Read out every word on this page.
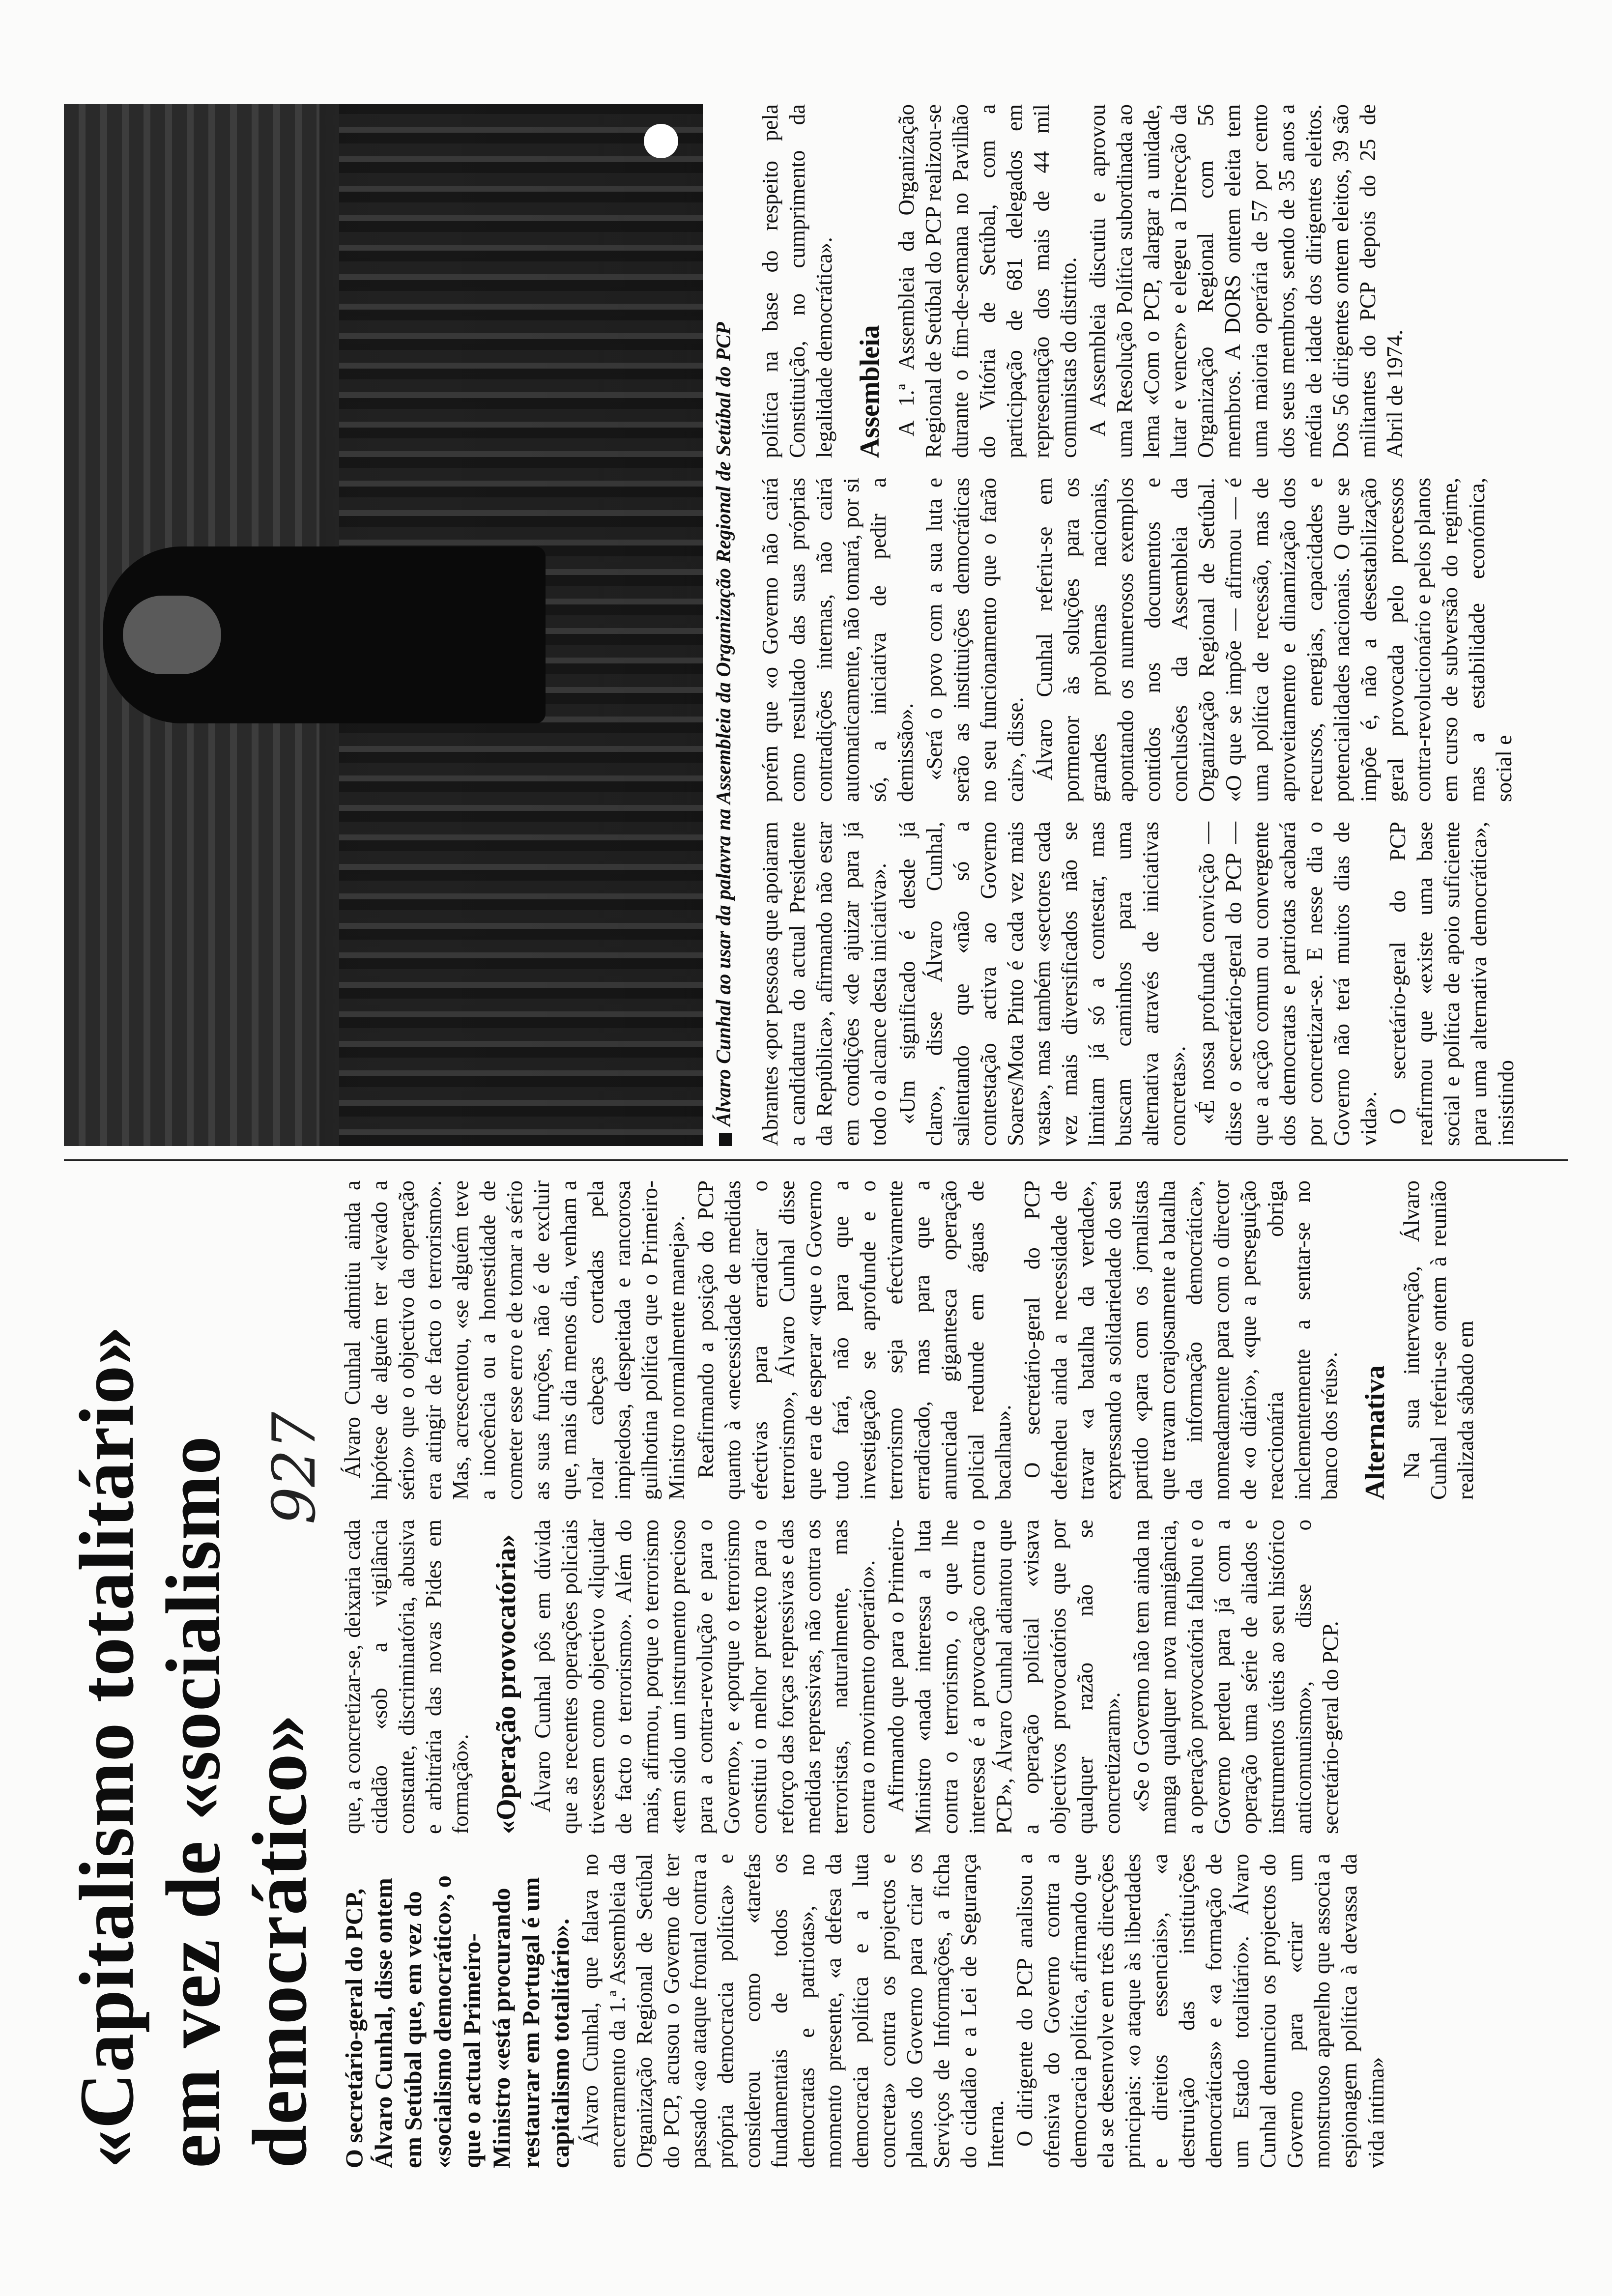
«Capitalismo totalitário» em vez de «socialismo democrático»
927

O secretário-geral do PCP, Álvaro Cunhal, disse ontem em Setúbal que, em vez do «socialismo democrático», o que o actual Primeiro-Ministro «está procurando restaurar em Portugal é um capitalismo totalitário». Álvaro Cunhal, que falava no encerramento da 1.ª Assembleia da Organização Regional de Setúbal do PCP, acusou o Governo de ter passado «ao ataque frontal contra a própria democracia política» e considerou como «tarefas fundamentais de todos os democratas e patriotas», no momento presente, «a defesa da democracia política e a luta concreta» contra os projectos e planos do Governo para criar os Serviços de Informações, a ficha do cidadão e a Lei de Segurança Interna. O dirigente do PCP analisou a ofensiva do Governo contra a democracia política, afirmando que ela se desenvolve em três direcções principais: «o ataque às liberdades e direitos essenciais», «a destruição das instituições democráticas» e «a formação de um Estado totalitário». Álvaro Cunhal denunciou os projectos do Governo para «criar um monstruoso aparelho que associa a espionagem política à devassa da vida íntima»

que, a concretizar-se, deixaria cada cidadão «sob a vigilância constante, discriminatória, abusiva e arbitrária das novas Pides em formação». «Operação provocatória» Álvaro Cunhal pôs em dúvida que as recentes operações policiais tivessem como objectivo «liquidar de facto o terrorismo». Além do mais, afirmou, porque o terrorismo «tem sido um instrumento precioso para a contra-revolução e para o Governo», e «porque o terrorismo constitui o melhor pretexto para o reforço das forças repressivas e das medidas repressivas, não contra os terroristas, naturalmente, mas contra o movimento operário». Afirmando que para o Primeiro-Ministro «nada interessa a luta contra o terrorismo, o que lhe interessa é a provocação contra o PCP», Álvaro Cunhal adiantou que a operação policial «visava objectivos provocatórios que por qualquer razão não se concretizaram». «Se o Governo não tem ainda na manga qualquer nova manigância, a operação provocatória falhou e o Governo perdeu para já com a operação uma série de aliados e instrumentos úteis ao seu histórico anticomunismo», disse o secretário-geral do PCP.

Álvaro Cunhal admitiu ainda a hipótese de alguém ter «levado a sério» que o objectivo da operação era atingir de facto o terrorismo». Mas, acrescentou, «se alguém teve a inocência ou a honestidade de cometer esse erro e de tomar a sério as suas funções, não é de excluir que, mais dia menos dia, venham a rolar cabeças cortadas pela impiedosa, despeitada e rancorosa guilhotina política que o Primeiro-Ministro normalmente maneja». Reafirmando a posição do PCP quanto à «necessidade de medidas efectivas para erradicar o terrorismo», Álvaro Cunhal disse que era de esperar «que o Governo tudo fará, não para que a investigação se aprofunde e o terrorismo seja efectivamente erradicado, mas para que a anunciada gigantesca operação policial redunde em águas de bacalhau». O secretário-geral do PCP defendeu ainda a necessidade de travar «a batalha da verdade», expressando a solidariedade do seu partido «para com os jornalistas que travam corajosamente a batalha da informação democrática», nomeadamente para com o director de «o diário», «que a perseguição reaccionária obriga inclementemente a sentar-se no banco dos réus». Alternativa Na sua intervenção, Álvaro Cunhal referiu-se ontem à reunião realizada sábado em

Álvaro Cunhal ao usar da palavra na Assembleia da Organização Regional de Setúbal do PCP Abrantes «por pessoas que apoiaram a candidatura do actual Presidente da República», afirmando não estar em condições «de ajuizar para já todo o alcance desta iniciativa». «Um significado é desde já claro», disse Álvaro Cunhal, salientando que «não só a contestação activa ao Governo Soares/Mota Pinto é cada vez mais vasta», mas também «sectores cada vez mais diversificados não se limitam já só a contestar, mas buscam caminhos para uma alternativa através de iniciativas concretas». «É nossa profunda convicção — disse o secretário-geral do PCP — que a acção comum ou convergente dos democratas e patriotas acabará por concretizar-se. E nesse dia o Governo não terá muitos dias de vida». O secretário-geral do PCP reafirmou que «existe uma base social e política de apoio suficiente para uma alternativa democrática», insistindo

porém que «o Governo não cairá como resultado das suas próprias contradições internas, não cairá automaticamente, não tomará, por si só, a iniciativa de pedir a demissão». «Será o povo com a sua luta e serão as instituições democráticas no seu funcionamento que o farão cair», disse. Álvaro Cunhal referiu-se em pormenor às soluções para os grandes problemas nacionais, apontando os numerosos exemplos contidos nos documentos e conclusões da Assembleia da Organização Regional de Setúbal. «O que se impõe — afirmou — é uma política de recessão, mas de aproveitamento e dinamização dos recursos, energias, capacidades e potencialidades nacionais. O que se impõe é, não a desestabilização geral provocada pelo processos contra-revolucionário e pelos planos em curso de subversão do regime, mas a estabilidade económica, social e

política na base do respeito pela Constituição, no cumprimento da legalidade democrática». Assembleia A 1.ª Assembleia da Organização Regional de Setúbal do PCP realizou-se durante o fim-de-semana no Pavilhão do Vitória de Setúbal, com a participação de 681 delegados em representação dos mais de 44 mil comunistas do distrito. A Assembleia discutiu e aprovou uma Resolução Política subordinada ao lema «Com o PCP, alargar a unidade, lutar e vencer» e elegeu a Direcção da Organização Regional com 56 membros. A DORS ontem eleita tem uma maioria operária de 57 por cento dos seus membros, sendo de 35 anos a média de idade dos dirigentes eleitos. Dos 56 dirigentes ontem eleitos, 39 são militantes do PCP depois do 25 de Abril de 1974.
